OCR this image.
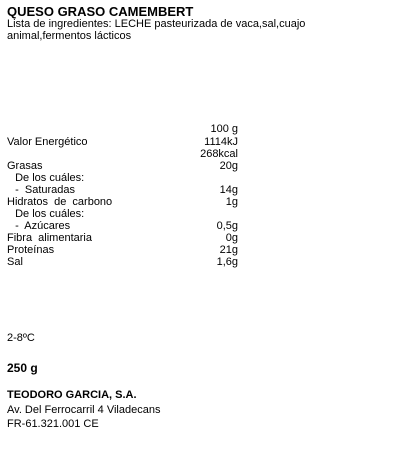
QUESO GRASO CAMEMBERT
Lista de ingredientes: LECHE pasteurizada de vaca,sal,cuajo
animal,fermentos lácticos
100 g
Valor Energético	1114kJ
268kcal
Grasas	20g
De los cuáles:
-  Saturadas	14g
Hidratos  de  carbono	1g
De los cuáles:
-  Azúcares	0,5g
Fibra  alimentaria	0g
Proteínas	21g
Sal	1,6g
2-8ºC
250 g
TEODORO GARCIA, S.A.
Av. Del Ferrocarril 4 Viladecans
FR-61.321.001 CE
